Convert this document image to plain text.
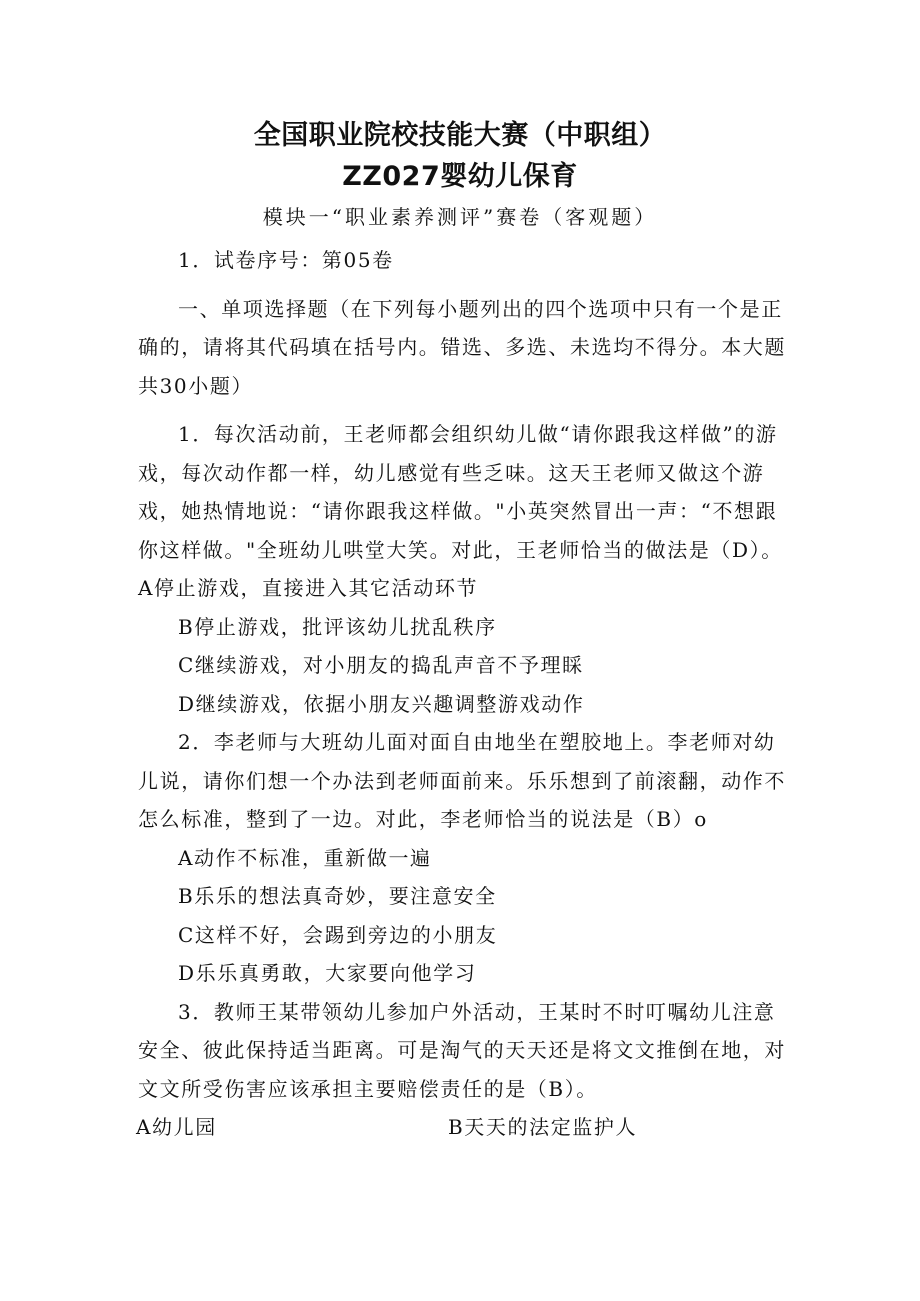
全国职业院校技能大赛（中职组）
ZZ027婴幼儿保育

模块一“职业素养测评”赛卷（客观题）

1．试卷序号：第05卷

一、单项选择题（在下列每小题列出的四个选项中只有一个是正确的，请将其代码填在括号内。错选、多选、未选均不得分。本大题共30小题）

1．每次活动前，王老师都会组织幼儿做“请你跟我这样做”的游戏，每次动作都一样，幼儿感觉有些乏味。这天王老师又做这个游戏，她热情地说：“请你跟我这样做。"小英突然冒出一声：“不想跟你这样做。"全班幼儿哄堂大笑。对此，王老师恰当的做法是（D）。A停止游戏，直接进入其它活动环节

B停止游戏，批评该幼儿扰乱秩序

C继续游戏，对小朋友的捣乱声音不予理睬

D继续游戏，依据小朋友兴趣调整游戏动作

2．李老师与大班幼儿面对面自由地坐在塑胶地上。李老师对幼儿说，请你们想一个办法到老师面前来。乐乐想到了前滚翻，动作不怎么标准，整到了一边。对此，李老师恰当的说法是（B）o

A动作不标准，重新做一遍

B乐乐的想法真奇妙，要注意安全

C这样不好，会踢到旁边的小朋友

D乐乐真勇敢，大家要向他学习

3．教师王某带领幼儿参加户外活动，王某时不时叮嘱幼儿注意安全、彼此保持适当距离。可是淘气的天天还是将文文推倒在地，对文文所受伤害应该承担主要赔偿责任的是（B）。

A幼儿园	B天天的法定监护人
